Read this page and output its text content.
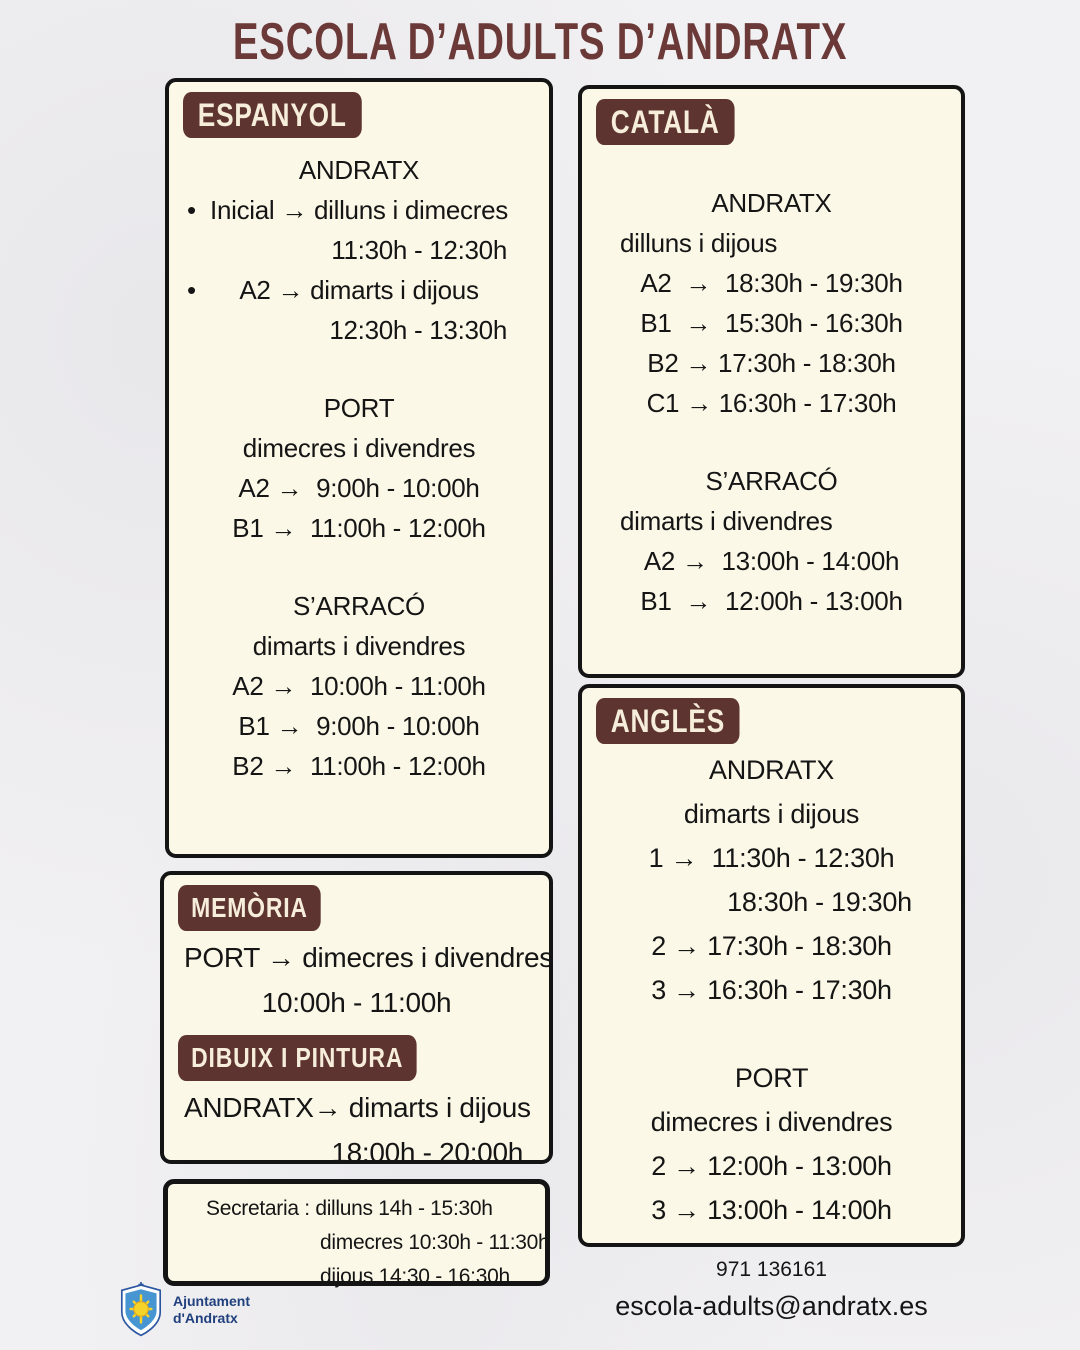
ESCOLA D’ADULTS D’ANDRATX
ESPANYOL
ANDRATX
• Inicial → dilluns i dimecres
11:30h - 12:30h
• A2 → dimarts i dijous
12:30h - 13:30h
PORT
dimecres i divendres
A2 →  9:00h - 10:00h
B1 →  11:00h - 12:00h
S’ARRACÓ
dimarts i divendres
A2 →  10:00h - 11:00h
B1 →  9:00h - 10:00h
B2 →  11:00h - 12:00h
CATALÀ
ANDRATX
dilluns i dijous
A2  →  18:30h - 19:30h
B1  →  15:30h - 16:30h
B2 → 17:30h - 18:30h
C1 → 16:30h - 17:30h
S’ARRACÓ
dimarts i divendres
A2 →  13:00h - 14:00h
B1  →  12:00h - 13:00h
ANGLÈS
ANDRATX
dimarts i dijous
1 →  11:30h - 12:30h
18:30h - 19:30h
2 → 17:30h - 18:30h
3 → 16:30h - 17:30h
PORT
dimecres i divendres
2 → 12:00h - 13:00h
3 → 13:00h - 14:00h
MEMÒRIA
PORT → dimecres i divendres
10:00h - 11:00h
DIBUIX I PINTURA
ANDRATX→ dimarts i dijous
18:00h - 20:00h
Secretaria : dilluns 14h - 15:30h
dimecres 10:30h - 11:30h
dijous 14:30 - 16:30h	971 136161
escola-adults@andratx.es
Ajuntament
d'Andratx
